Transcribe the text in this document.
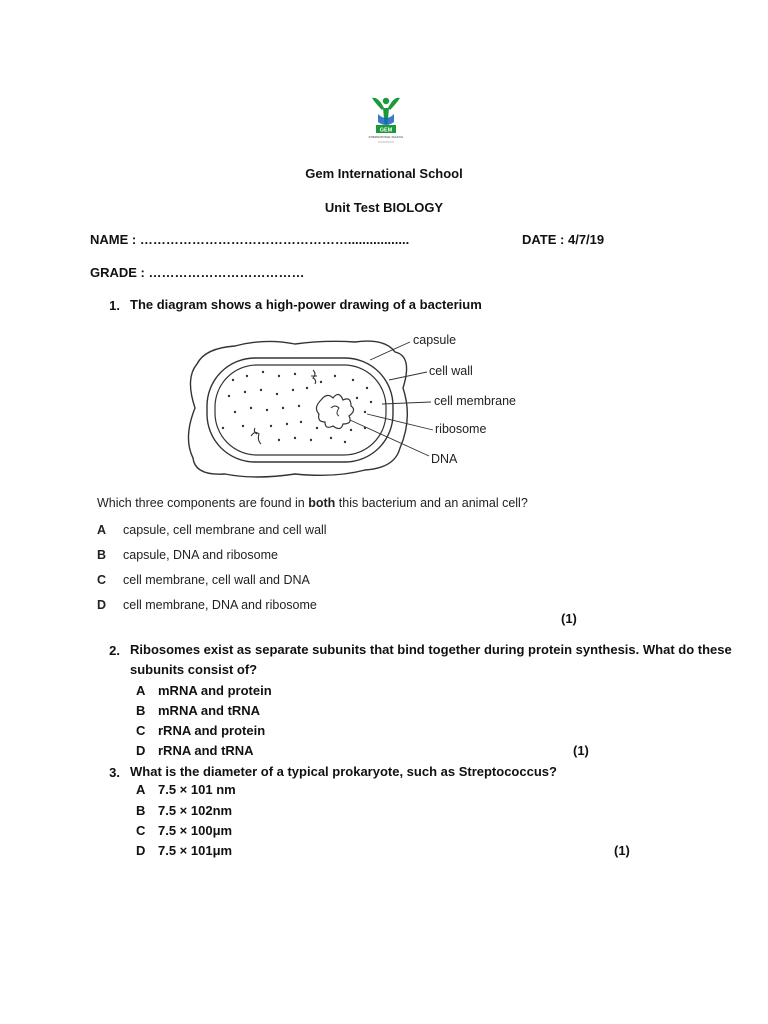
GEM
INTERNATIONAL SCHOOL
Gem International School
Unit Test BIOLOGY
NAME : ………………………………………….................	DATE : 4/7/19
GRADE : ………………………………
1. The diagram shows a high-power drawing of a bacterium
capsule
cell wall
cell membrane
ribosome
DNA
Which three components are found in both this bacterium and an animal cell?
A capsule, cell membrane and cell wall
B capsule, DNA and ribosome
C cell membrane, cell wall and DNA
D cell membrane, DNA and ribosome
(1)
2. Ribosomes exist as separate subunits that bind together during protein synthesis. What do these
subunits consist of?
A mRNA and protein
B mRNA and tRNA
C rRNA and protein
D rRNA and tRNA	(1)
3. What is the diameter of a typical prokaryote, such as Streptococcus?
A 7.5 × 101 nm
B 7.5 × 102nm
C 7.5 × 100μm
D 7.5 × 101μm	(1)
